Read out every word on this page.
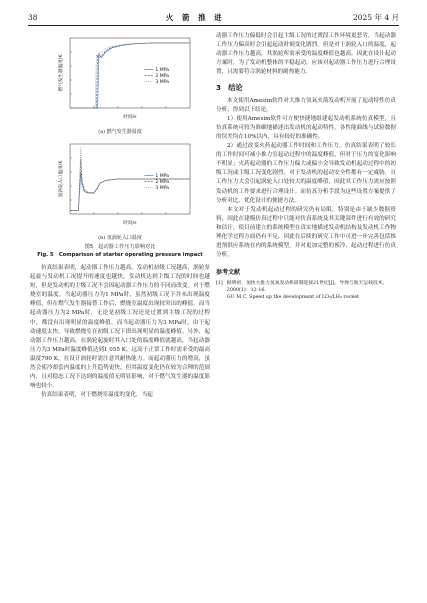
38	火 箭 推 进	2025 年 4 月
1 MPa
2 MPa
3 MPa
时间/s
燃气发生器温度/K
(a) 燃气发生器温度
1 MPa
2 MPa
3 MPa
时间/s
氢涡轮入口温度/K
(b) 氢涡轮入口温度
图5　起动器工作压力影响对比
Fig. 5　Comparison of starter operating pressure impact

仿真结果表明，起动器工作压力越高，发动机初级工况越高，涡轮泵起旋与发动机工况提升的速度也越快，发动机达到主级工况的时间也越短，但是发动机的主级工况不会因起动器工作压力的不同而改变。对于燃烧室的温度，当起动器压力为1 MPa时，虽然初级工况下并未出现温度峰值，但在燃气发生器接替工作后，燃烧室温度出现较突出的峰值。而当起动器压力为2 MPa时，无论是初级工况还是过渡到主级工况的过程中，都没有出现明显的温度峰值。而当起动器压力为3 MPa时，由于起动速度太快，导致燃烧室在初级工况下即出现明显的温度峰值。另外，起动器工作压力越高，在涡轮起旋时其入口处的温度峰值就越高，当起动器压力为3 MPa时温度峰值达到1 055 K，远高于正常工作时需求受的最高温度790 K，在设计涡轮时需注意其耐热能力。而起动器压力的增高，虽然会使冷却套内温度的上升趋势更快，但其温度变化仍在较为合理的范围内，且对稳态工况下达到的温度值无明显影响，对于燃气发生器的温度影响也较小。

仿真结果表明，对于燃烧室温度的变化，当起

动器工作压力偏低时会引起主级工况的过渡段工作环境更恶劣，当起动器工作压力偏高时会引起起动时刻变化剧烈。但是对于涡轮入口的温度，起动器工作压力越高，其涡轮所需承受的温度峰值也越高。因此在设计起动方案时，为了发动机整体的平稳起动，应该对起动器工作压力进行合理设置，且需要符合涡轮材料的耐热能力。

3　结论

本文使用Amesim软件对大推力氢氧火箭发动机开展了起动特性仿真分析，得到以下结论。

1）使用Amesim软件可方便快捷地组建起发动机系统仿真模型，且仿真系统可较为准确地描述出发动机的起动特性，各性能曲线与试验数据的误差均在10%以内，具有较好的准确性。

2）通过改变火药起动器工作时间和工作压力，仿真结果表明了较长的工作时间可减小推力室起动过程中的温度峰值，但对于压力的变化影响不明显；火药起动器的工作压力偏大或偏小会导致发动机起动过程中的初级工况或主级工况变化剧烈，对于发动机的起动安全性都有一定威胁，且工作压力大会引起涡轮入口处较大的温度峰值，因此其工作压力需应按照发动机的工作要求进行合理设计。而仿真分析手段为这些设置方案提供了分析对比、优化设计的便捷方法。

本文对于发动机起动过程的研究仍有局限，特别是由于缺少数据资料，因此在建模仿真过程中只能对仿真系统及其关键部件进行有效的研究和估计，使目前建立的系统模型在真实地描述发动机结构及发动机工作物理化学过程方面仍有不足，因此在后续的研究工作中可进一步完善包括推进剂供应系统在内的系统模型，并对更加完整的预冷、起动过程进行仿真分析。

参考文献
[1] 顾明初．加快大推力氢氧发动机研制迎接21世纪[J]．导弹与航天运载技术，2000(1)：12-16．
GU M C. Speed up the development of LO₂/LH₂ rocket
